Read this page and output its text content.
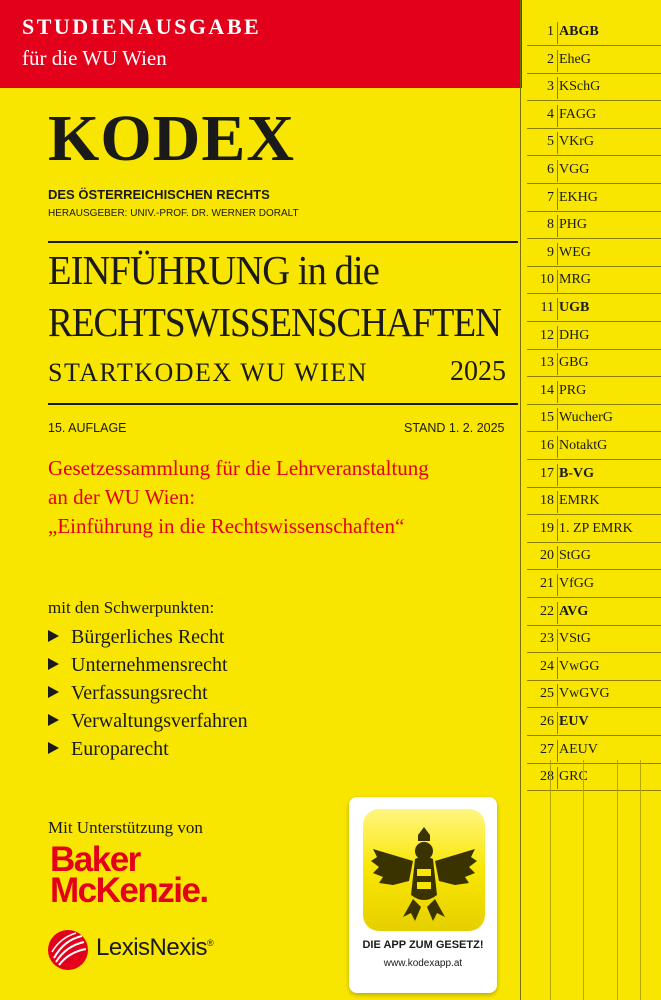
STUDIENAUSGABE
für die WU Wien
KODEX
DES ÖSTERREICHISCHEN RECHTS
HERAUSGEBER: UNIV.-PROF. DR. WERNER DORALT
EINFÜHRUNG in die
RECHTSWISSENSCHAFTEN
STARTKODEX WU WIEN	2025
15. AUFLAGE	STAND 1. 2. 2025
Gesetzessammlung für die Lehrveranstaltung
an der WU Wien:
„Einführung in die Rechtswissenschaften“
mit den Schwerpunkten:
Bürgerliches Recht
Unternehmensrecht
Verfassungsrecht
Verwaltungsverfahren
Europarecht
Mit Unterstützung von
Baker
McKenzie.
LexisNexis®	DIE APP ZUM GESETZ!
www.kodexapp.at
1 ABGB
2 EheG
3 KSchG
4 FAGG
5 VKrG
6 VGG
7 EKHG
8 PHG
9 WEG
10 MRG
11 UGB
12 DHG
13 GBG
14 PRG
15 WucherG
16 NotaktG
17 B-VG
18 EMRK
19 1. ZP EMRK
20 StGG
21 VfGG
22 AVG
23 VStG
24 VwGG
25 VwGVG
26 EUV
27 AEUV
28 GRC
